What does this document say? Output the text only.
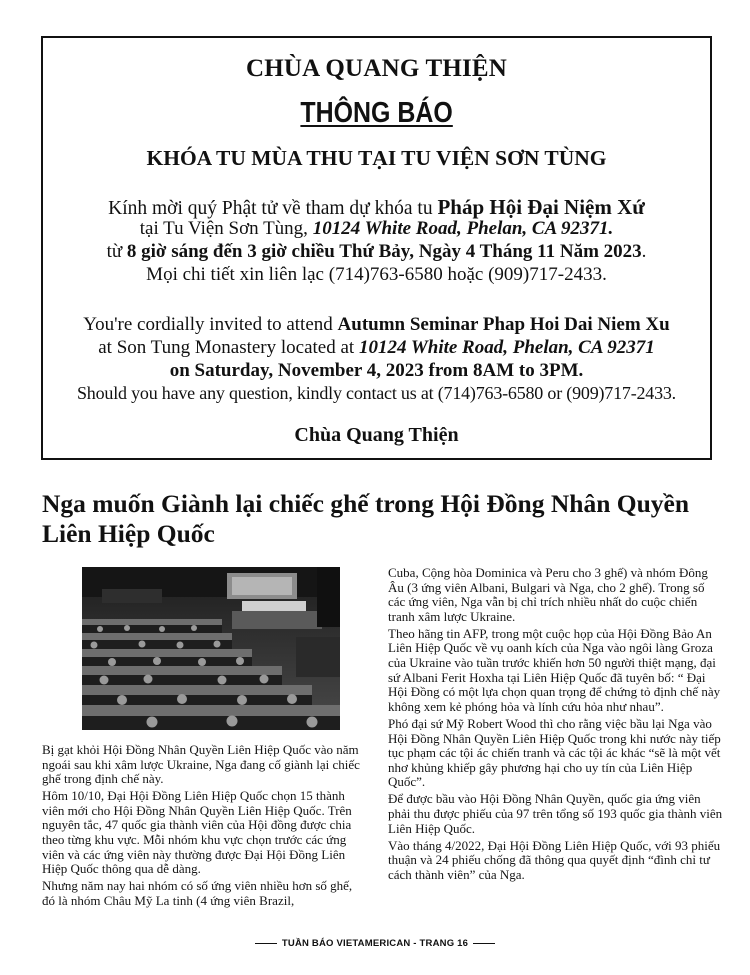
CHÙA QUANG THIỆN
THÔNG BÁO
KHÓA TU MÙA THU TẠI TU VIỆN SƠN TÙNG
Kính mời quý Phật tử về tham dự khóa tu Pháp Hội Đại Niệm Xứ
tại Tu Viện Sơn Tùng, 10124 White Road, Phelan, CA 92371.
từ 8 giờ sáng đến 3 giờ chiều Thứ Bảy, Ngày 4 Tháng 11 Năm 2023.
Mọi chi tiết xin liên lạc (714)763-6580 hoặc (909)717-2433.
You're cordially invited to attend Autumn Seminar Phap Hoi Dai Niem Xu
at Son Tung Monastery located at 10124 White Road, Phelan, CA 92371
on Saturday, November 4, 2023 from 8AM to 3PM.
Should you have any question, kindly contact us at (714)763-6580 or (909)717-2433.
Chùa Quang Thiện
Nga muốn Giành lại chiếc ghế trong Hội Đồng Nhân Quyền Liên Hiệp Quốc

Bị gạt khỏi Hội Đồng Nhân Quyền Liên Hiệp Quốc vào năm ngoái sau khi xâm lược Ukraine, Nga đang cố giành lại chiếc ghế trong định chế này.

Hôm 10/10, Đại Hội Đồng Liên Hiệp Quốc chọn 15 thành viên mới cho Hội Đồng Nhân Quyền Liên Hiệp Quốc. Trên nguyên tắc, 47 quốc gia thành viên của Hội đồng được chia theo từng khu vực. Mỗi nhóm khu vực chọn trước các ứng viên và các ứng viên này thường được Đại Hội Đồng Liên Hiệp Quốc thông qua dễ dàng.

Nhưng năm nay hai nhóm có số ứng viên nhiều hơn số ghế, đó là nhóm Châu Mỹ La tinh (4 ứng viên Brazil,

Cuba, Cộng hòa Dominica và Peru cho 3 ghế) và nhóm Đông Âu (3 ứng viên Albani, Bulgari và Nga, cho 2 ghế). Trong số các ứng viên, Nga vẫn bị chỉ trích nhiều nhất do cuộc chiến tranh xâm lược Ukraine.

Theo hãng tin AFP, trong một cuộc họp của Hội Đồng Bảo An Liên Hiệp Quốc về vụ oanh kích của Nga vào ngôi làng Groza của Ukraine vào tuần trước khiến hơn 50 người thiệt mạng, đại sứ Albani Ferit Hoxha tại Liên Hiệp Quốc đã tuyên bố: “ Đại Hội Đồng có một lựa chọn quan trọng để chứng tỏ định chế này không xem kẻ phóng hỏa và lính cứu hỏa như nhau”.

Phó đại sứ Mỹ Robert Wood thì cho rằng việc bầu lại Nga vào Hội Đồng Nhân Quyền Liên Hiệp Quốc trong khi nước này tiếp tục phạm các tội ác chiến tranh và các tội ác khác “sẽ là một vết nhơ khủng khiếp gây phương hại cho uy tín của Liên Hiệp Quốc”.

Để được bầu vào Hội Đồng Nhân Quyền, quốc gia ứng viên phải thu được phiếu của 97 trên tổng số 193 quốc gia thành viên Liên Hiệp Quốc.

Vào tháng 4/2022, Đại Hội Đồng Liên Hiệp Quốc, với 93 phiếu thuận và 24 phiếu chống đã thông qua quyết định “đình chỉ tư cách thành viên” của Nga.

TUẦN BÁO VIETAMERICAN - TRANG 16
